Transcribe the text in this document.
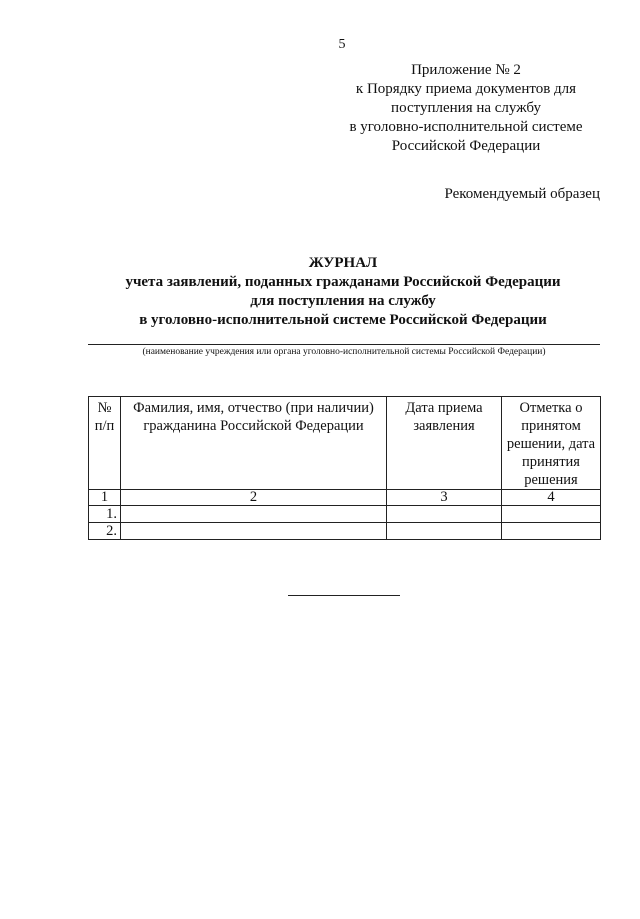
5
Приложение № 2
к Порядку приема документов для
поступления на службу
в уголовно-исполнительной системе
Российской Федерации
Рекомендуемый образец
ЖУРНАЛ
учета заявлений, поданных гражданами Российской Федерации
для поступления на службу
в уголовно-исполнительной системе Российской Федерации
(наименование учреждения или органа уголовно-исполнительной системы Российской Федерации)
№ п/п	Фамилия, имя, отчество (при наличии) гражданина Российской Федерации	Дата приема заявления	Отметка о принятом решении, дата принятия решения
1	2	3	4
1.			
2.			
